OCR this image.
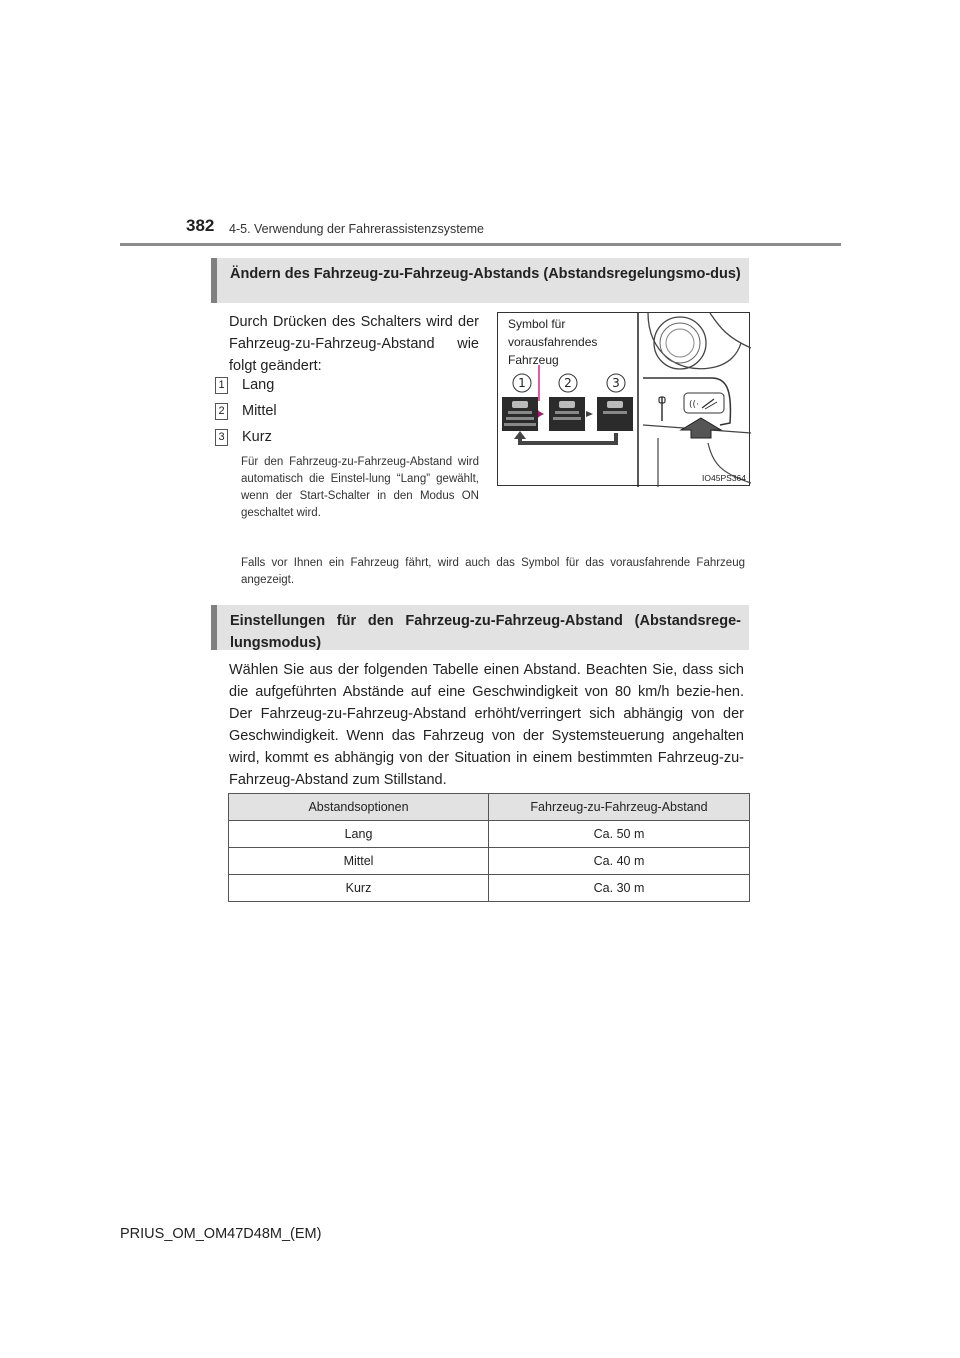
382 4-5. Verwendung der Fahrerassistenzsysteme
Ändern des Fahrzeug-zu-Fahrzeug-Abstands (Abstandsregelungsmo-dus)
Durch Drücken des Schalters wird der Fahrzeug-zu-Fahrzeug-Abstand wie folgt geändert:
1 Lang
2 Mittel
3 Kurz
Für den Fahrzeug-zu-Fahrzeug-Abstand wird automatisch die Einstel-lung “Lang” gewählt, wenn der Start-Schalter in den Modus ON geschaltet wird.
((·
1	2	3
Symbol für
vorausfahrendes
Fahrzeug
IO45PS364
Falls vor Ihnen ein Fahrzeug fährt, wird auch das Symbol für das vorausfahrende Fahrzeug angezeigt.
Einstellungen für den Fahrzeug-zu-Fahrzeug-Abstand (Abstandsrege-lungsmodus)
Wählen Sie aus der folgenden Tabelle einen Abstand. Beachten Sie, dass sich die aufgeführten Abstände auf eine Geschwindigkeit von 80 km/h bezie-hen. Der Fahrzeug-zu-Fahrzeug-Abstand erhöht/verringert sich abhängig von der Geschwindigkeit. Wenn das Fahrzeug von der Systemsteuerung angehalten wird, kommt es abhängig von der Situation in einem bestimmten Fahrzeug-zu-Fahrzeug-Abstand zum Stillstand.
Abstandsoptionen	Fahrzeug-zu-Fahrzeug-Abstand
Lang	Ca. 50 m
Mittel	Ca. 40 m
Kurz	Ca. 30 m
PRIUS_OM_OM47D48M_(EM)
